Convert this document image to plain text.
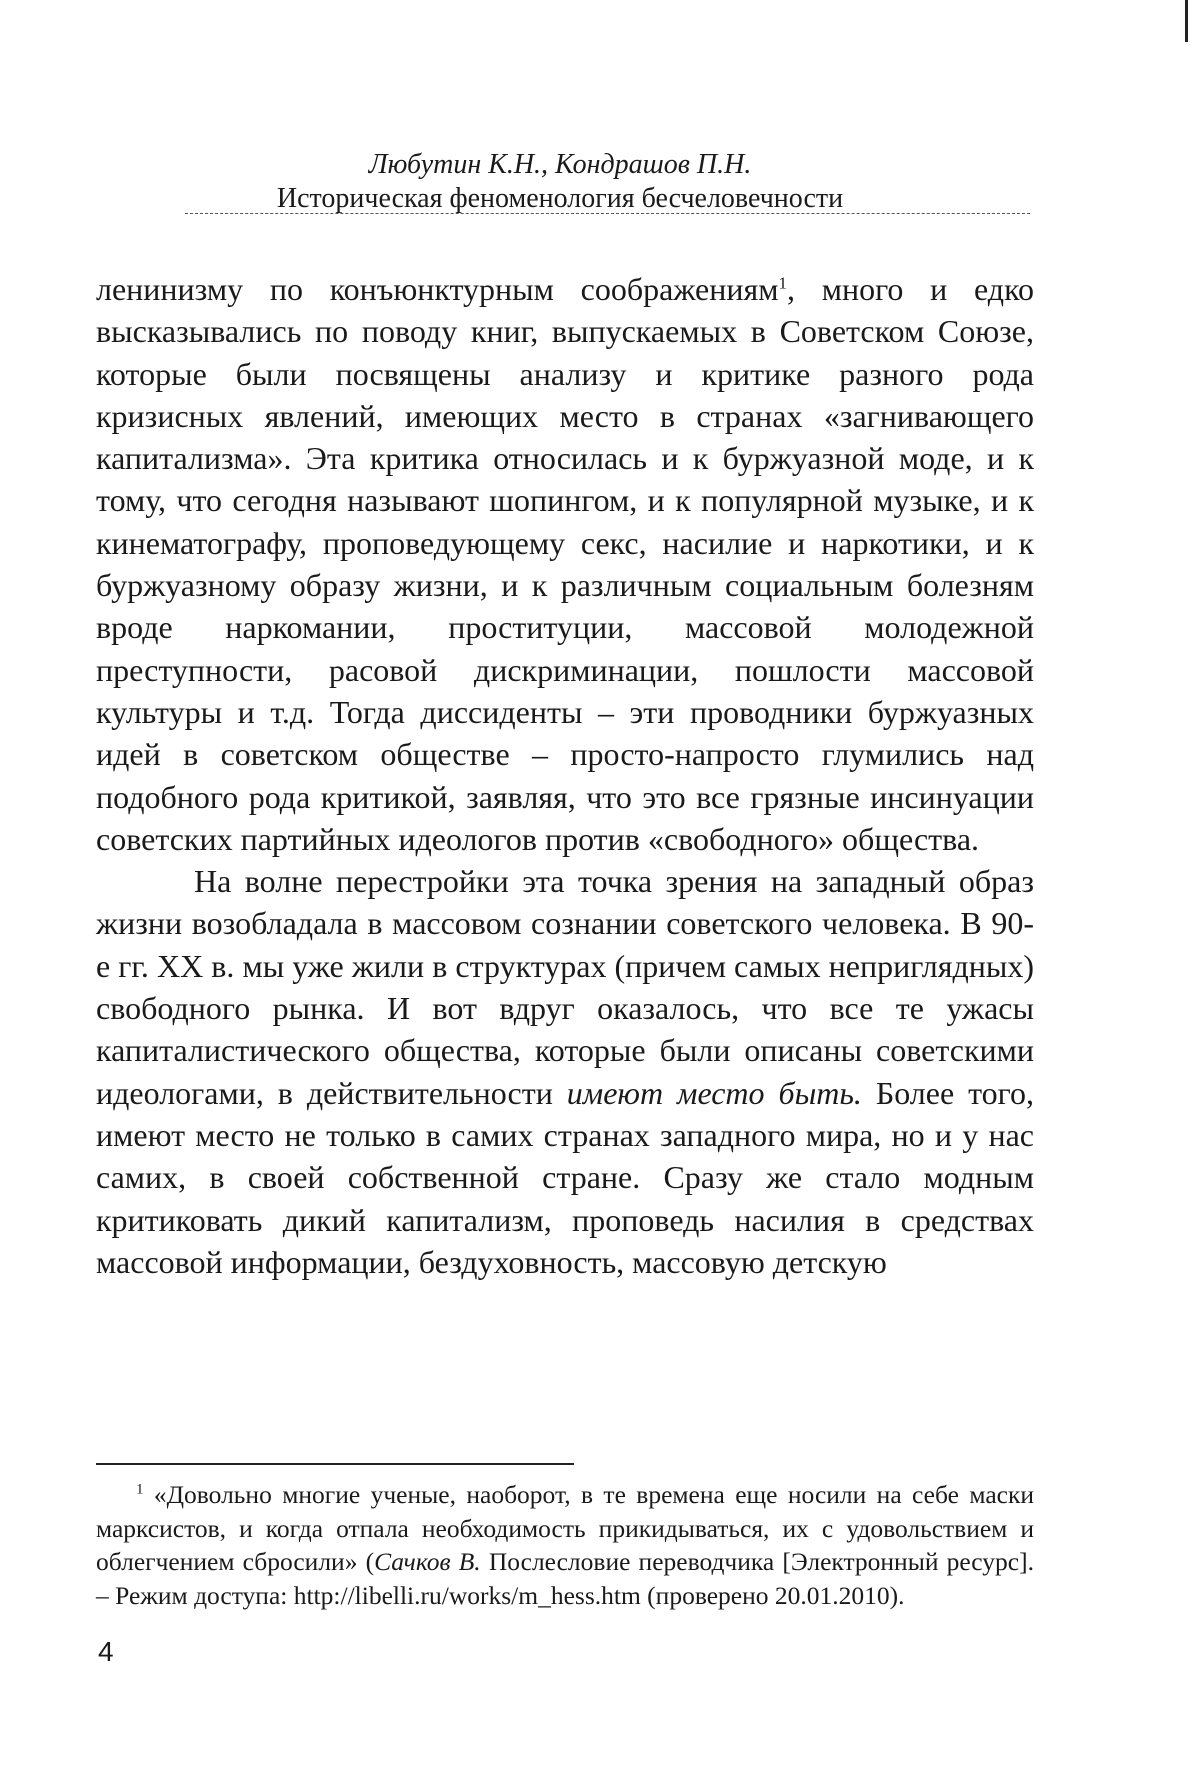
Любутин К.Н., Кондрашов П.Н.
Историческая феноменология бесчеловечности

ленинизму по конъюнктурным соображениям$^1$, много и едко высказывались по поводу книг, выпускаемых в Советском Союзе, которые были посвящены анализу и критике разного рода кризисных явлений, имеющих место в странах «загнивающего капитализма». Эта критика относилась и к буржуазной моде, и к тому, что сегодня называют шопингом, и к популярной музыке, и к кинематографу, проповедующему секс, насилие и наркотики, и к буржуазному образу жизни, и к различным социальным болезням вроде наркомании, проституции, массовой молодежной преступности, расовой дискриминации, пошлости массовой культуры и т.д. Тогда диссиденты – эти проводники буржуазных идей в советском обществе – просто-напросто глумились над подобного рода критикой, заявляя, что это все грязные инсинуации советских партийных идеологов против «свободного» общества.

На волне перестройки эта точка зрения на западный образ жизни возобладала в массовом сознании советского человека. В 90-е гг. XX в. мы уже жили в структурах (причем самых неприглядных) свободного рынка. И вот вдруг оказалось, что все те ужасы капиталистического общества, которые были описаны советскими идеологами, в действительности имеют место быть. Более того, имеют место не только в самих странах западного мира, но и у нас самих, в своей собственной стране. Сразу же стало модным критиковать дикий капитализм, проповедь насилия в средствах массовой информации, бездуховность, массовую детскую

$^1$ «Довольно многие ученые, наоборот, в те времена еще носили на себе маски марксистов, и когда отпала необходимость прикидываться, их с удовольствием и облегчением сбросили» (Сачков В. Послесловие переводчика [Электронный ресурс]. – Режим доступа: http://libelli.ru/works/m_hess.htm (проверено 20.01.2010).

4
